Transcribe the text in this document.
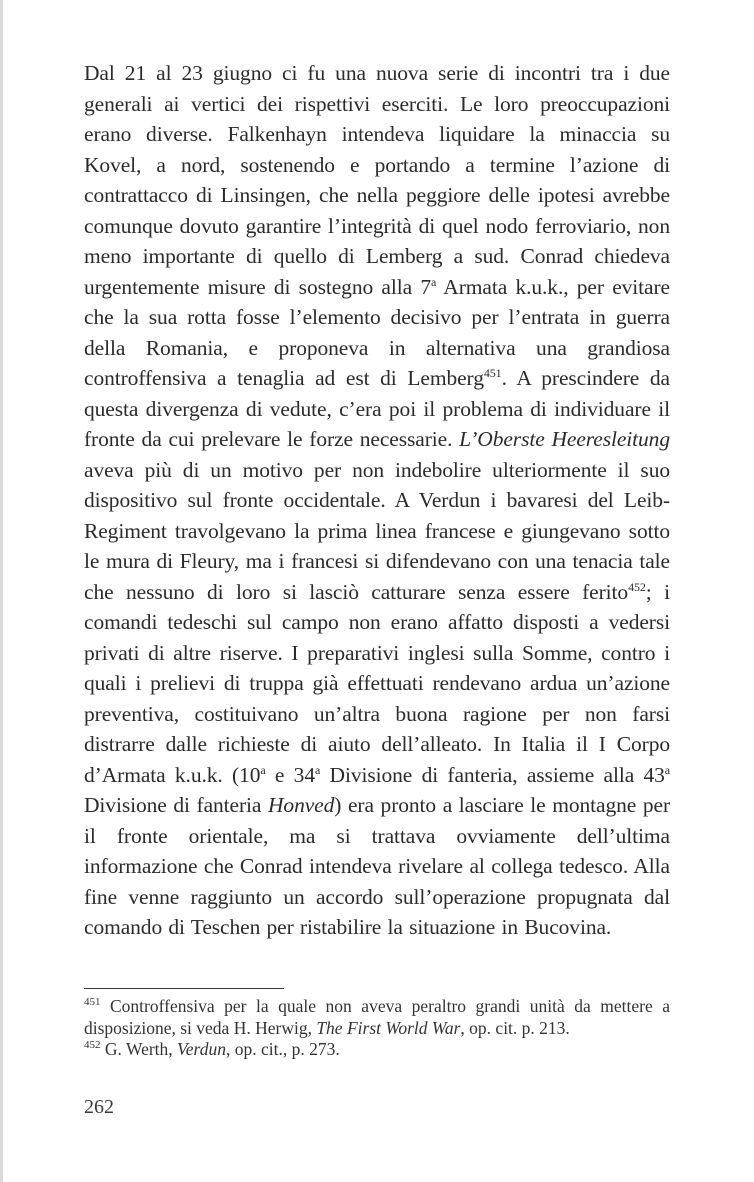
Dal 21 al 23 giugno ci fu una nuova serie di incontri tra i due generali ai vertici dei rispettivi eserciti. Le loro preoccupazioni erano diverse. Falkenhayn intendeva liquidare la minaccia su Kovel, a nord, sostenendo e portando a termine l’azione di contrattacco di Linsingen, che nella peggiore delle ipotesi avrebbe comunque dovuto garantire l’integrità di quel nodo ferroviario, non meno importante di quello di Lemberg a sud. Conrad chiedeva urgentemente misure di sostegno alla 7$^a$ Armata k.u.k., per evitare che la sua rotta fosse l’elemento decisivo per l’entrata in guerra della Romania, e proponeva in alternativa una grandiosa controffensiva a tenaglia ad est di Lemberg$^{451}$. A prescindere da questa divergenza di vedute, c’era poi il problema di individuare il fronte da cui prelevare le forze necessarie. L’Oberste Heeresleitung aveva più di un motivo per non indebolire ulteriormente il suo dispositivo sul fronte occidentale. A Verdun i bavaresi del Leib-Regiment travolgevano la prima linea francese e giungevano sotto le mura di Fleury, ma i francesi si difendevano con una tenacia tale che nessuno di loro si lasciò catturare senza essere ferito$^{452}$; i comandi tedeschi sul campo non erano affatto disposti a vedersi privati di altre riserve. I preparativi inglesi sulla Somme, contro i quali i prelievi di truppa già effettuati rendevano ardua un’azione preventiva, costituivano un’altra buona ragione per non farsi distrarre dalle richieste di aiuto dell’alleato. In Italia il I Corpo d’Armata k.u.k. (10$^a$ e 34$^a$ Divisione di fanteria, assieme alla 43$^a$ Divisione di fanteria Honved) era pronto a lasciare le montagne per il fronte orientale, ma si trattava ovviamente dell’ultima informazione che Conrad intendeva rivelare al collega tedesco. Alla fine venne raggiunto un accordo sull’operazione propugnata dal comando di Teschen per ristabilire la situazione in Bucovina.

$^{451}$ Controffensiva per la quale non aveva peraltro grandi unità da mettere a disposizione, si veda H. Herwig, The First World War, op. cit. p. 213.

$^{452}$ G. Werth, Verdun, op. cit., p. 273.

262
